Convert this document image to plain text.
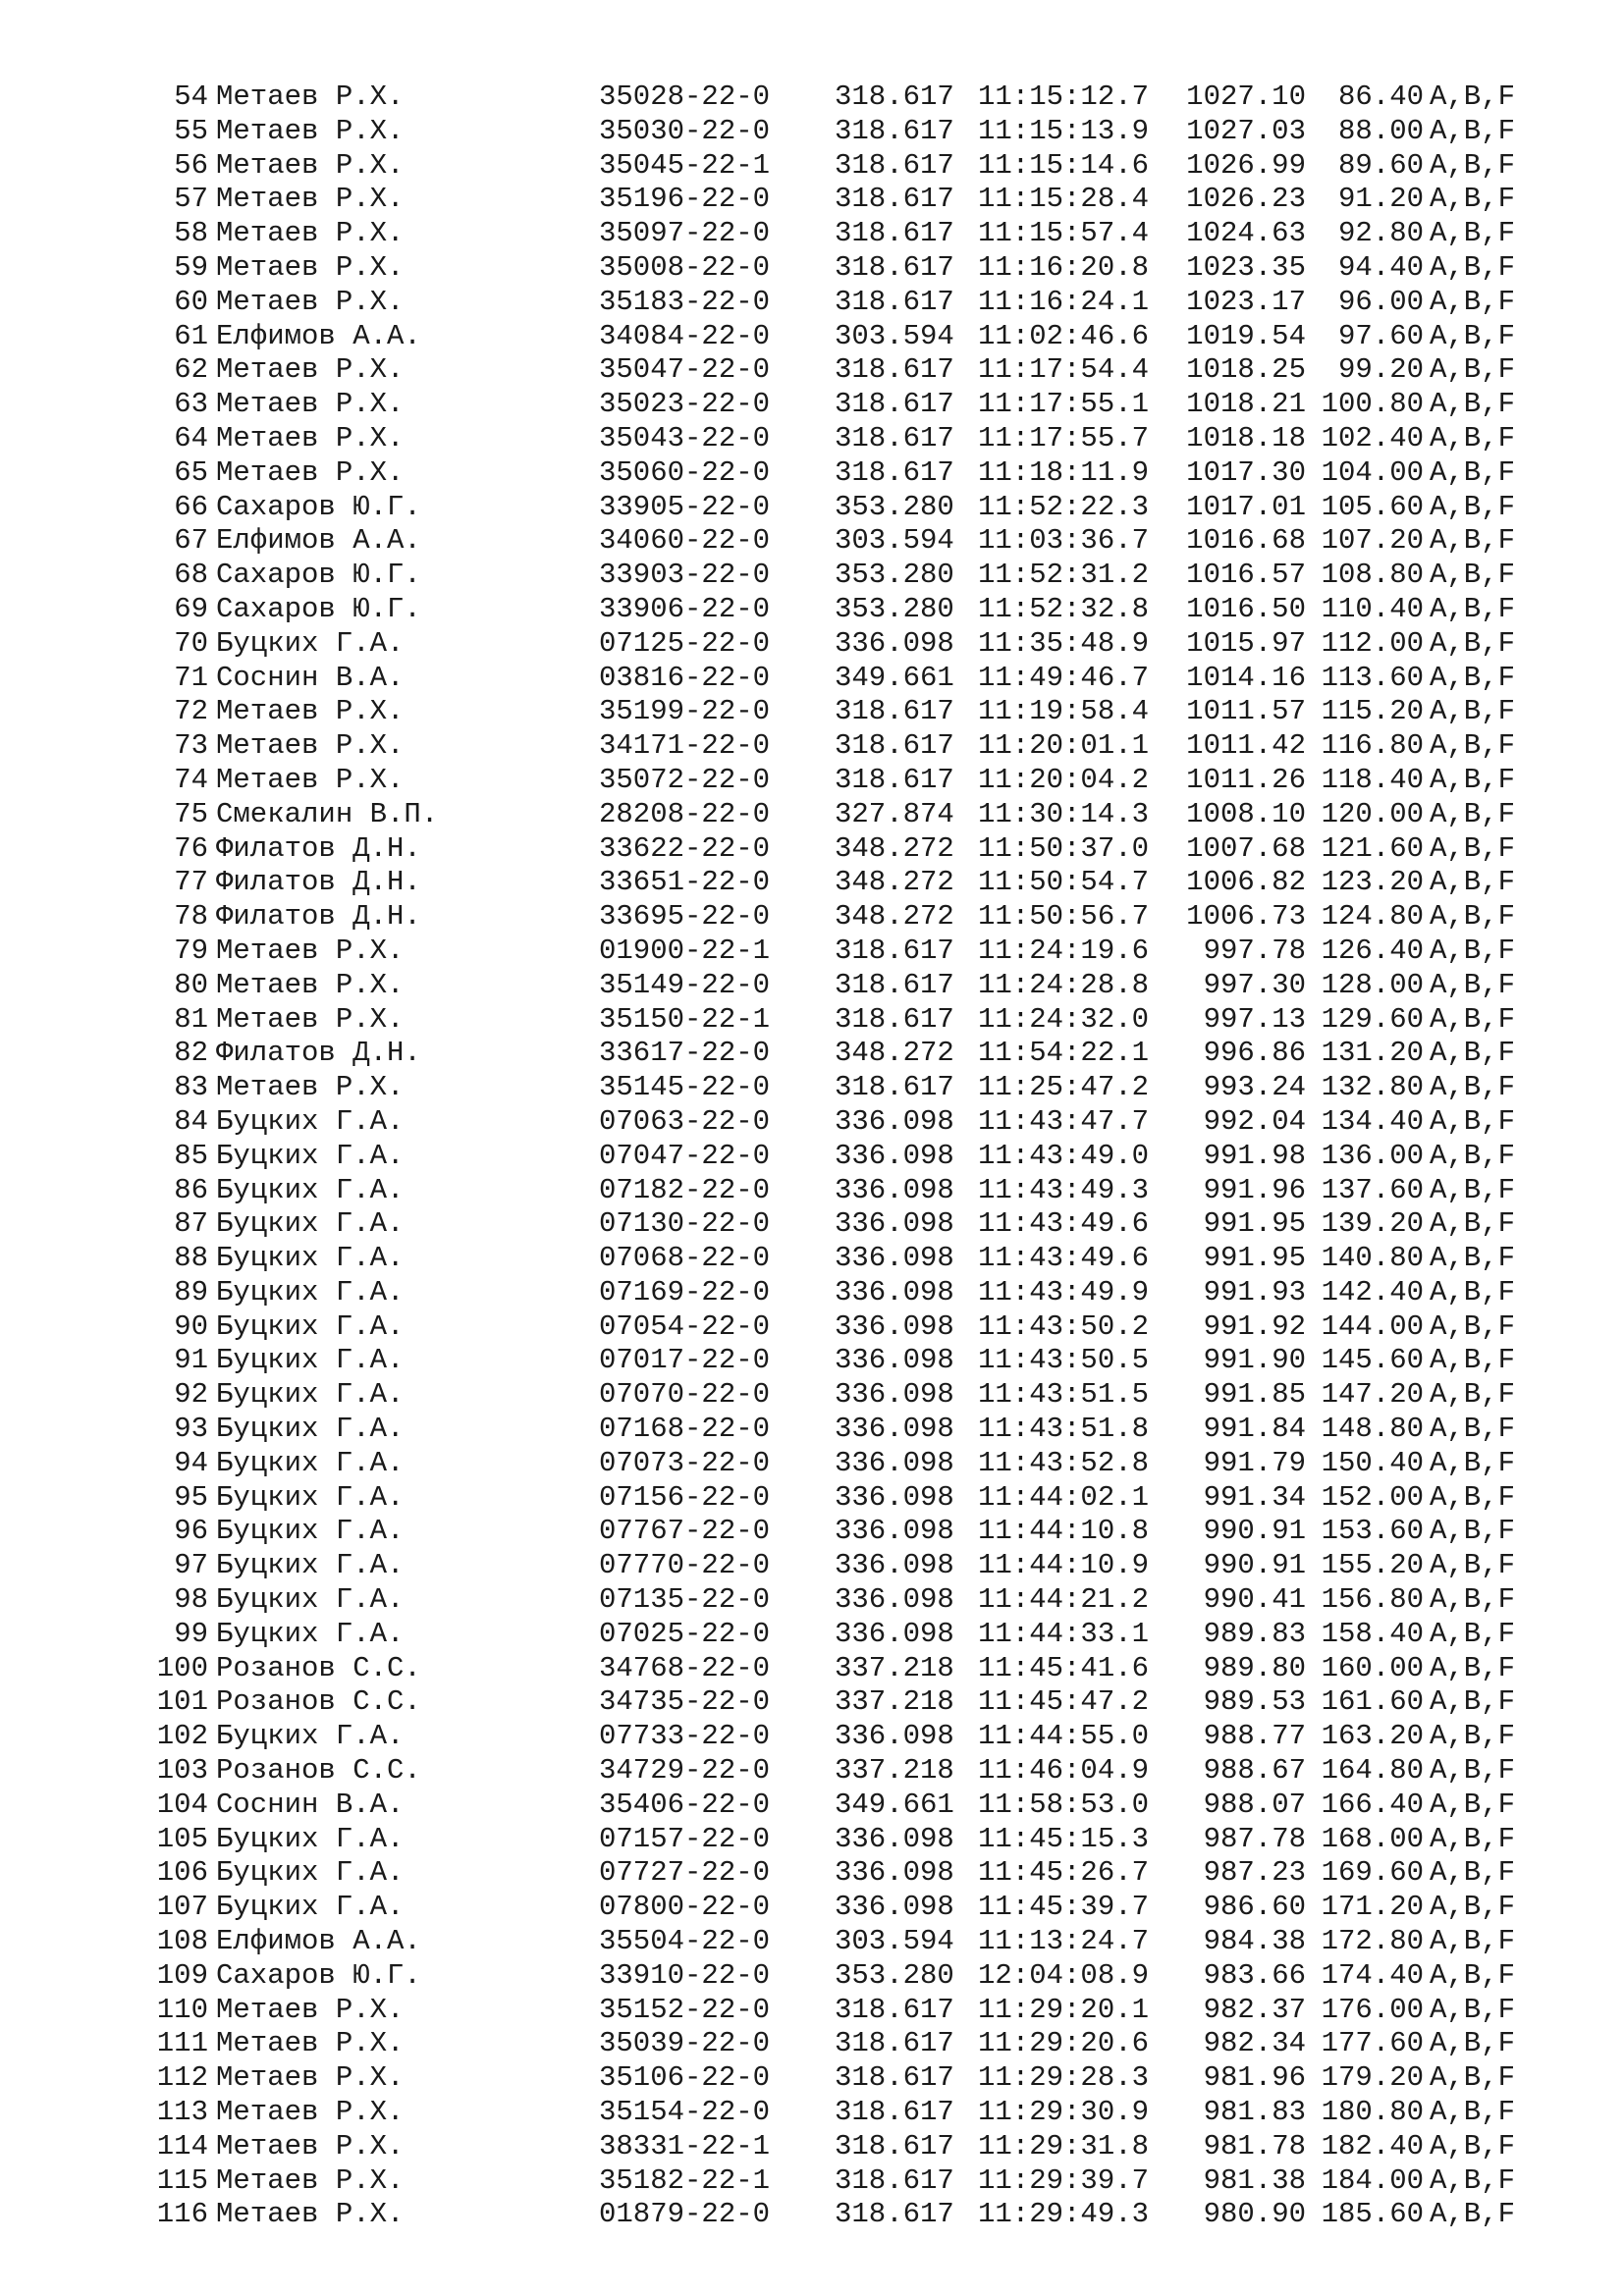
54 Метаев Р.Х.	35028-22-0 318.617 11:15:12.7	1027.10	86.40 A,B,F
55 Метаев Р.Х.	35030-22-0 318.617 11:15:13.9	1027.03	88.00 A,B,F
56 Метаев Р.Х.	35045-22-1 318.617 11:15:14.6	1026.99	89.60 A,B,F
57 Метаев Р.Х.	35196-22-0 318.617 11:15:28.4	1026.23	91.20 A,B,F
58 Метаев Р.Х.	35097-22-0 318.617 11:15:57.4	1024.63	92.80 A,B,F
59 Метаев Р.Х.	35008-22-0 318.617 11:16:20.8	1023.35	94.40 A,B,F
60 Метаев Р.Х.	35183-22-0 318.617 11:16:24.1	1023.17	96.00 A,B,F
61 Елфимов А.А.	34084-22-0 303.594 11:02:46.6	1019.54	97.60 A,B,F
62 Метаев Р.Х.	35047-22-0 318.617 11:17:54.4	1018.25	99.20 A,B,F
63 Метаев Р.Х.	35023-22-0 318.617 11:17:55.1	1018.21 100.80 A,B,F
64 Метаев Р.Х.	35043-22-0 318.617 11:17:55.7	1018.18 102.40 A,B,F
65 Метаев Р.Х.	35060-22-0 318.617 11:18:11.9	1017.30 104.00 A,B,F
66 Сахаров Ю.Г.	33905-22-0 353.280 11:52:22.3	1017.01 105.60 A,B,F
67 Елфимов А.А.	34060-22-0 303.594 11:03:36.7	1016.68 107.20 A,B,F
68 Сахаров Ю.Г.	33903-22-0 353.280 11:52:31.2	1016.57 108.80 A,B,F
69 Сахаров Ю.Г.	33906-22-0 353.280 11:52:32.8	1016.50 110.40 A,B,F
70 Буцких Г.А.	07125-22-0 336.098 11:35:48.9	1015.97 112.00 A,B,F
71 Соснин В.А.	03816-22-0 349.661 11:49:46.7	1014.16 113.60 A,B,F
72 Метаев Р.Х.	35199-22-0 318.617 11:19:58.4	1011.57 115.20 A,B,F
73 Метаев Р.Х.	34171-22-0 318.617 11:20:01.1	1011.42 116.80 A,B,F
74 Метаев Р.Х.	35072-22-0 318.617 11:20:04.2	1011.26 118.40 A,B,F
75 Смекалин В.П.	28208-22-0 327.874 11:30:14.3	1008.10 120.00 A,B,F
76 Филатов Д.Н.	33622-22-0 348.272 11:50:37.0	1007.68 121.60 A,B,F
77 Филатов Д.Н.	33651-22-0 348.272 11:50:54.7	1006.82 123.20 A,B,F
78 Филатов Д.Н.	33695-22-0 348.272 11:50:56.7	1006.73 124.80 A,B,F
79 Метаев Р.Х.	01900-22-1 318.617 11:24:19.6	997.78 126.40 A,B,F
80 Метаев Р.Х.	35149-22-0 318.617 11:24:28.8	997.30 128.00 A,B,F
81 Метаев Р.Х.	35150-22-1 318.617 11:24:32.0	997.13 129.60 A,B,F
82 Филатов Д.Н.	33617-22-0 348.272 11:54:22.1	996.86 131.20 A,B,F
83 Метаев Р.Х.	35145-22-0 318.617 11:25:47.2	993.24 132.80 A,B,F
84 Буцких Г.А.	07063-22-0 336.098 11:43:47.7	992.04 134.40 A,B,F
85 Буцких Г.А.	07047-22-0 336.098 11:43:49.0	991.98 136.00 A,B,F
86 Буцких Г.А.	07182-22-0 336.098 11:43:49.3	991.96 137.60 A,B,F
87 Буцких Г.А.	07130-22-0 336.098 11:43:49.6	991.95 139.20 A,B,F
88 Буцких Г.А.	07068-22-0 336.098 11:43:49.6	991.95 140.80 A,B,F
89 Буцких Г.А.	07169-22-0 336.098 11:43:49.9	991.93 142.40 A,B,F
90 Буцких Г.А.	07054-22-0 336.098 11:43:50.2	991.92 144.00 A,B,F
91 Буцких Г.А.	07017-22-0 336.098 11:43:50.5	991.90 145.60 A,B,F
92 Буцких Г.А.	07070-22-0 336.098 11:43:51.5	991.85 147.20 A,B,F
93 Буцких Г.А.	07168-22-0 336.098 11:43:51.8	991.84 148.80 A,B,F
94 Буцких Г.А.	07073-22-0 336.098 11:43:52.8	991.79 150.40 A,B,F
95 Буцких Г.А.	07156-22-0 336.098 11:44:02.1	991.34 152.00 A,B,F
96 Буцких Г.А.	07767-22-0 336.098 11:44:10.8	990.91 153.60 A,B,F
97 Буцких Г.А.	07770-22-0 336.098 11:44:10.9	990.91 155.20 A,B,F
98 Буцких Г.А.	07135-22-0 336.098 11:44:21.2	990.41 156.80 A,B,F
99 Буцких Г.А.	07025-22-0 336.098 11:44:33.1	989.83 158.40 A,B,F
100 Розанов С.С.	34768-22-0 337.218 11:45:41.6	989.80 160.00 A,B,F
101 Розанов С.С.	34735-22-0 337.218 11:45:47.2	989.53 161.60 A,B,F
102 Буцких Г.А.	07733-22-0 336.098 11:44:55.0	988.77 163.20 A,B,F
103 Розанов С.С.	34729-22-0 337.218 11:46:04.9	988.67 164.80 A,B,F
104 Соснин В.А.	35406-22-0 349.661 11:58:53.0	988.07 166.40 A,B,F
105 Буцких Г.А.	07157-22-0 336.098 11:45:15.3	987.78 168.00 A,B,F
106 Буцких Г.А.	07727-22-0 336.098 11:45:26.7	987.23 169.60 A,B,F
107 Буцких Г.А.	07800-22-0 336.098 11:45:39.7	986.60 171.20 A,B,F
108 Елфимов А.А.	35504-22-0 303.594 11:13:24.7	984.38 172.80 A,B,F
109 Сахаров Ю.Г.	33910-22-0 353.280 12:04:08.9	983.66 174.40 A,B,F
110 Метаев Р.Х.	35152-22-0 318.617 11:29:20.1	982.37 176.00 A,B,F
111 Метаев Р.Х.	35039-22-0 318.617 11:29:20.6	982.34 177.60 A,B,F
112 Метаев Р.Х.	35106-22-0 318.617 11:29:28.3	981.96 179.20 A,B,F
113 Метаев Р.Х.	35154-22-0 318.617 11:29:30.9	981.83 180.80 A,B,F
114 Метаев Р.Х.	38331-22-1 318.617 11:29:31.8	981.78 182.40 A,B,F
115 Метаев Р.Х.	35182-22-1 318.617 11:29:39.7	981.38 184.00 A,B,F
116 Метаев Р.Х.	01879-22-0 318.617 11:29:49.3	980.90 185.60 A,B,F
